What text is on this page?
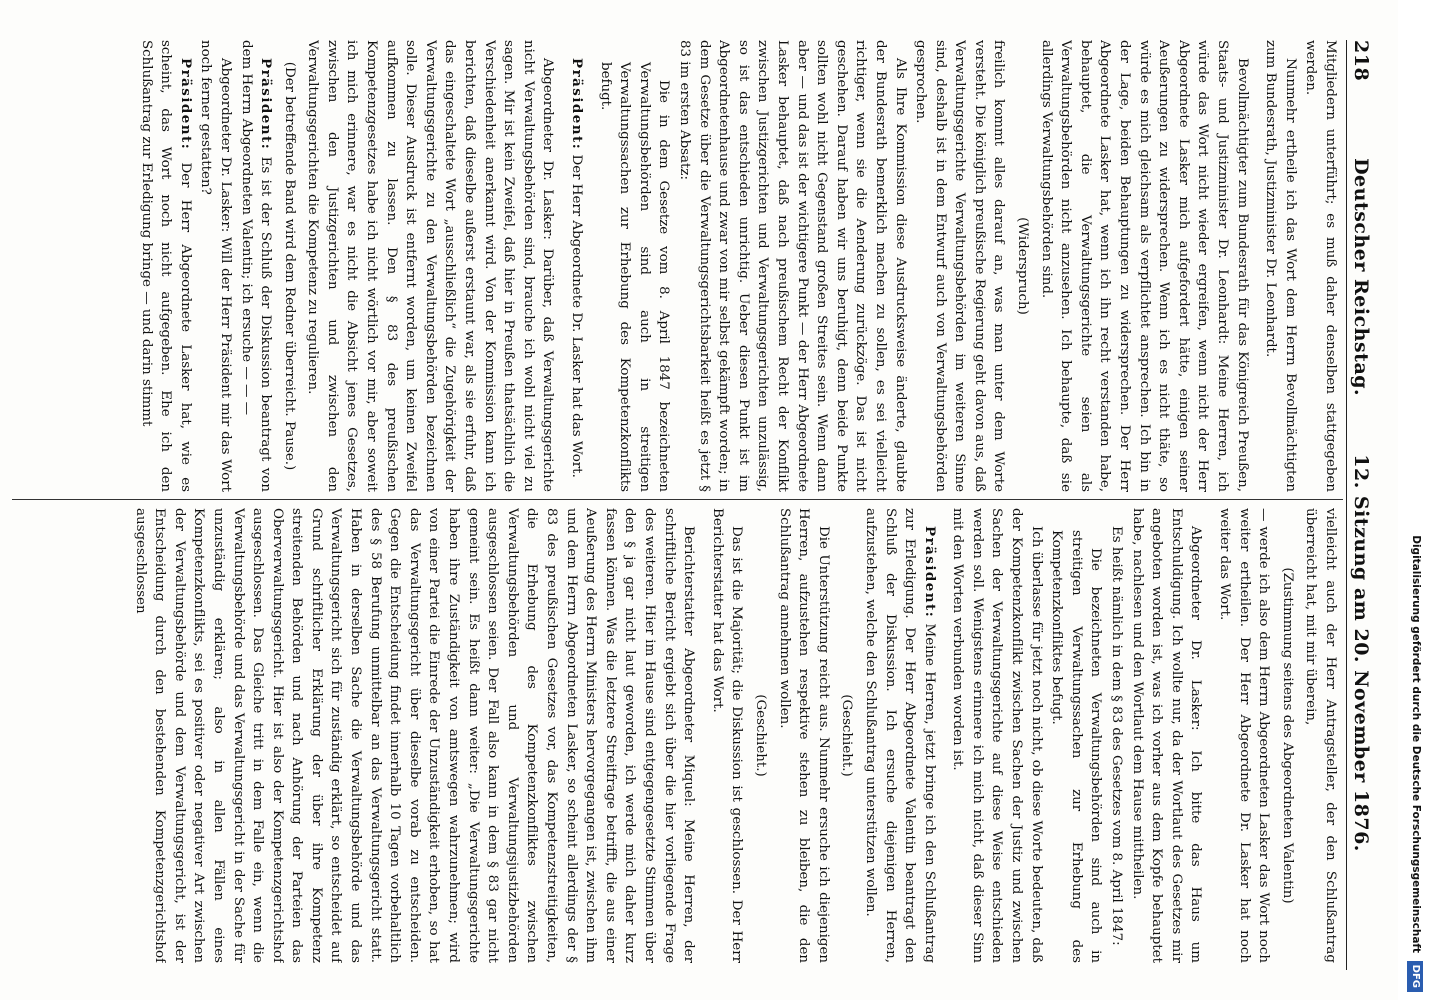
218
Deutscher Reichstag.
12. Sitzung am 20. November 1876.

Mitgliedern unterführt; es muß daher denselben stattgegeben werden.

Nunmehr ertheile ich das Wort dem Herrn Bevollmächtigten zum Bundesrath, Justizminister Dr. Leonhardt.

Bevollmächtigter zum Bundesrath für das Königreich Preußen, Staats- und Justizminister Dr. Leonhardt: Meine Herren, ich würde das Wort nicht wieder ergreifen, wenn nicht der Herr Abgeordnete Lasker mich aufgefordert hätte, einigen seiner Aeußerungen zu widersprechen. Wenn ich es nicht thäte, so würde es mich gleichsam als verpflichtet ansprechen. Ich bin in der Lage, beiden Behauptungen zu widersprechen. Der Herr Abgeordnete Lasker hat, wenn ich ihn recht verstanden habe, behauptet, die Verwaltungsgerichte seien als Verwaltungsbehörden nicht anzusehen. Ich behaupte, daß sie allerdings Verwaltungsbehörden sind.

(Widerspruch)

freilich kommt alles darauf an, was man unter dem Worte versteht. Die königlich preußische Regierung geht davon aus, daß Verwaltungsgerichte Verwaltungsbehörden im weiteren Sinne sind, deshalb ist in dem Entwurf auch von Verwaltungsbehörden gesprochen.

Als Ihre Kommission diese Ausdrucksweise änderte, glaubte der Bundesrath bemerklich machen zu sollen, es sei vielleicht richtiger, wenn sie die Aenderung zurückzöge. Das ist nicht geschehen. Darauf haben wir uns beruhigt, denn beide Punkte sollten wohl nicht Gegenstand großen Streites sein. Wenn dann aber — und das ist der wichtigere Punkt — der Herr Abgeordnete Lasker behauptet, daß nach preußischem Recht der Konflikt zwischen Justizgerichten und Verwaltungsgerichten unzulässig, so ist das entschieden unrichtig. Ueber diesen Punkt ist im Abgeordnetenhause und zwar von mir selbst gekämpft worden; in dem Gesetze über die Verwaltungsgerichtsbarkeit heißt es jetzt § 83 im ersten Absatz:

Die in dem Gesetze vom 8. April 1847 bezeichneten Verwaltungsbehörden sind auch in streitigen Verwaltungssachen zur Erhebung des Kompetenzkonflikts befugt.

Präsident: Der Herr Abgeordnete Dr. Lasker hat das Wort.

Abgeordneter Dr. Lasker: Darüber, daß Verwaltungsgerichte nicht Verwaltungsbehörden sind, brauche ich wohl nicht viel zu sagen. Mir ist kein Zweifel, daß hier in Preußen thatsächlich die Verschiedenheit anerkannt wird. Von der Kommission kann ich berichten, daß dieselbe außerst erstaunt war, als sie erfuhr, daß das eingeschaltete Wort „ausschließlich“ die Zugehörigkeit der Verwaltungsgerichte zu den Verwaltungsbehörden bezeichnen solle. Dieser Ausdruck ist entfernt worden, um keinen Zweifel aufkommen zu lassen. Den § 83 des preußischen Kompetenzgesetzes habe ich nicht wörtlich vor mir, aber soweit ich mich erinnere, war es nicht die Absicht jenes Gesetzes, zwischen den Justizgerichten und zwischen den Verwaltungsgerichten die Kompetenz zu regulieren.

(Der betreffende Band wird dem Redner überreicht. Pause.)

Präsident: Es ist der Schluß der Diskussion beantragt von dem Herrn Abgeordneten Valentin; ich ersuche — — —

Abgeordneter Dr. Lasker: Will der Herr Präsident mir das Wort noch ferner gestatten?

Präsident: Der Herr Abgeordnete Lasker hat, wie es scheint, das Wort noch nicht aufgegeben. Ehe ich den Schlußantrag zur Erledigung bringe — und darin stimmt

vielleicht auch der Herr Antragsteller, der den Schlußantrag überreicht hat, mit mir überein,

(Zustimmung seitens des Abgeordneten Valentin)

— werde ich also dem Herrn Abgeordneten Lasker das Wort noch weiter ertheilen. Der Herr Abgeordnete Dr. Lasker hat noch weiter das Wort.

Abgeordneter Dr. Lasker: Ich bitte das Haus um Entschuldigung. Ich wollte nur, da der Wortlaut des Gesetzes mir angeboten worden ist, was ich vorher aus dem Kopfe behauptet habe, nachlesen und den Wortlaut dem Hause mittheilen.

Es heißt nämlich in dem § 83 des Gesetzes vom 8. April 1847:

Die bezeichneten Verwaltungsbehörden sind auch in streitigen Verwaltungssachen zur Erhebung des Kompetenzkonfliktes befugt.

Ich überlasse für jetzt noch nicht, ob diese Worte bedeuten, daß der Kompetenzkonflikt zwischen Sachen der Justiz und zwischen Sachen der Verwaltungsgerichte auf diese Weise entschieden werden soll. Wenigstens erinnere ich mich nicht, daß dieser Sinn mit den Worten verbunden worden ist.

Präsident: Meine Herren, jetzt bringe ich den Schlußantrag zur Erledigung. Der Herr Abgeordnete Valentin beantragt den Schluß der Diskussion. Ich ersuche diejenigen Herren, aufzustehen, welche den Schlußantrag unterstützen wollen.

(Geschieht.)

Die Unterstützung reicht aus. Nunmehr ersuche ich diejenigen Herren, aufzustehen respektive stehen zu bleiben, die den Schlußantrag annehmen wollen.

(Geschieht.)

Das ist die Majorität; die Diskussion ist geschlossen. Der Herr Berichterstatter hat das Wort.

Berichterstatter Abgeordneter Miquel: Meine Herren, der schriftliche Bericht ergiebt sich über die hier vorliegende Frage des weiteren. Hier im Hause sind entgegengesetzte Stimmen über den § ja gar nicht laut geworden, ich werde mich daher kurz fassen können. Was die letztere Streitfrage betrifft, die aus einer Aeußerung des Herrn Ministers hervorgegangen ist, zwischen ihm und dem Herrn Abgeordneten Lasker, so scheint allerdings der § 83 des preußischen Gesetzes vor, das Kompetenzstreitigkeiten, die Erhebung des Kompetenzkonfliktes zwischen Verwaltungsbehörden und Verwaltungsjustizbehörden ausgeschlossen seien. Der Fall also kann in dem § 83 gar nicht gemeint sein. Es heißt dann weiter: „Die Verwaltungsgerichte haben ihre Zuständigkeit von amtswegen wahrzunehmen; wird von einer Partei die Einrede der Unzuständigkeit erhoben, so hat das Verwaltungsgericht über dieselbe vorab zu entscheiden. Gegen die Entscheidung findet innerhalb 10 Tagen vorbehaltlich des § 58 Berufung unmittelbar an das Verwaltungsgericht statt. Haben in derselben Sache die Verwaltungsbehörde und das Verwaltungsgericht sich für zuständig erklärt, so entscheidet auf Grund schriftlicher Erklärung der über ihre Kompetenz streitenden Behörden und nach Anhörung der Parteien das Oberverwaltungsgericht. Hier ist also der Kompetenzgerichtshof ausgeschlossen. Das Gleiche tritt in dem Falle ein, wenn die Verwaltungsbehörde und das Verwaltungsgericht in der Sache für unzuständig erklären; also in allen Fällen eines Kompetenzkonflikts, sei es positiver oder negativer Art zwischen der Verwaltungsbehörde und dem Verwaltungsgericht, ist der Entscheidung durch den bestehenden Kompetenzgerichtshof ausgeschlossen	Digitalisierung gefördert durch die Deutsche Forschungsgemeinschaft DFG
